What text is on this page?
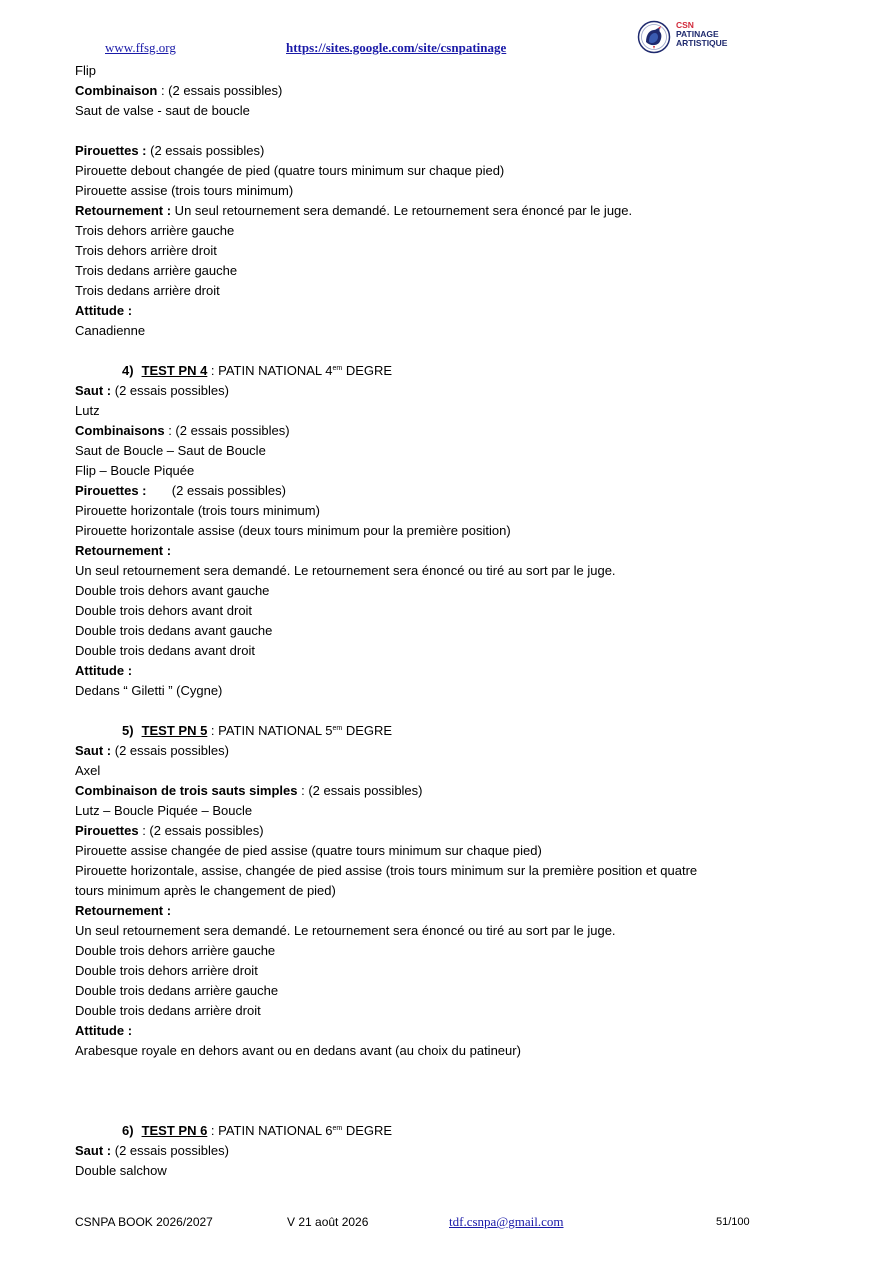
www.ffsg.org	https://sites.google.com/site/csnpatinage
CSN
PATINAGE
ARTISTIQUE
Flip
Combinaison : (2 essais possibles)
Saut de valse - saut de boucle
Pirouettes : (2 essais possibles)
Pirouette debout changée de pied (quatre tours minimum sur chaque pied)
Pirouette assise (trois tours minimum)
Retournement : Un seul retournement sera demandé. Le retournement sera énoncé par le juge.
Trois dehors arrière gauche
Trois dehors arrière droit
Trois dedans arrière gauche
Trois dedans arrière droit
Attitude :
Canadienne
4) TEST PN 4 : PATIN NATIONAL $4^{em}$ DEGRE
Saut : (2 essais possibles)
Lutz
Combinaisons : (2 essais possibles)
Saut de Boucle – Saut de Boucle
Flip – Boucle Piquée
Pirouettes :       (2 essais possibles)
Pirouette horizontale (trois tours minimum)
Pirouette horizontale assise (deux tours minimum pour la première position)
Retournement :
Un seul retournement sera demandé. Le retournement sera énoncé ou tiré au sort par le juge.
Double trois dehors avant gauche
Double trois dehors avant droit
Double trois dedans avant gauche
Double trois dedans avant droit
Attitude :
Dedans “ Giletti ” (Cygne)
5) TEST PN 5 : PATIN NATIONAL $5^{em}$ DEGRE
Saut : (2 essais possibles)
Axel
Combinaison de trois sauts simples : (2 essais possibles)
Lutz – Boucle Piquée – Boucle
Pirouettes : (2 essais possibles)
Pirouette assise changée de pied assise (quatre tours minimum sur chaque pied)
Pirouette horizontale, assise, changée de pied assise (trois tours minimum sur la première position et quatre
tours minimum après le changement de pied)
Retournement :
Un seul retournement sera demandé. Le retournement sera énoncé ou tiré au sort par le juge.
Double trois dehors arrière gauche
Double trois dehors arrière droit
Double trois dedans arrière gauche
Double trois dedans arrière droit
Attitude :
Arabesque royale en dehors avant ou en dedans avant (au choix du patineur)
6) TEST PN 6 : PATIN NATIONAL $6^{em}$ DEGRE
Saut : (2 essais possibles)
Double salchow
CSNPA BOOK 2026/2027	V 21 août 2026	tdf.csnpa@gmail.com	51/100
